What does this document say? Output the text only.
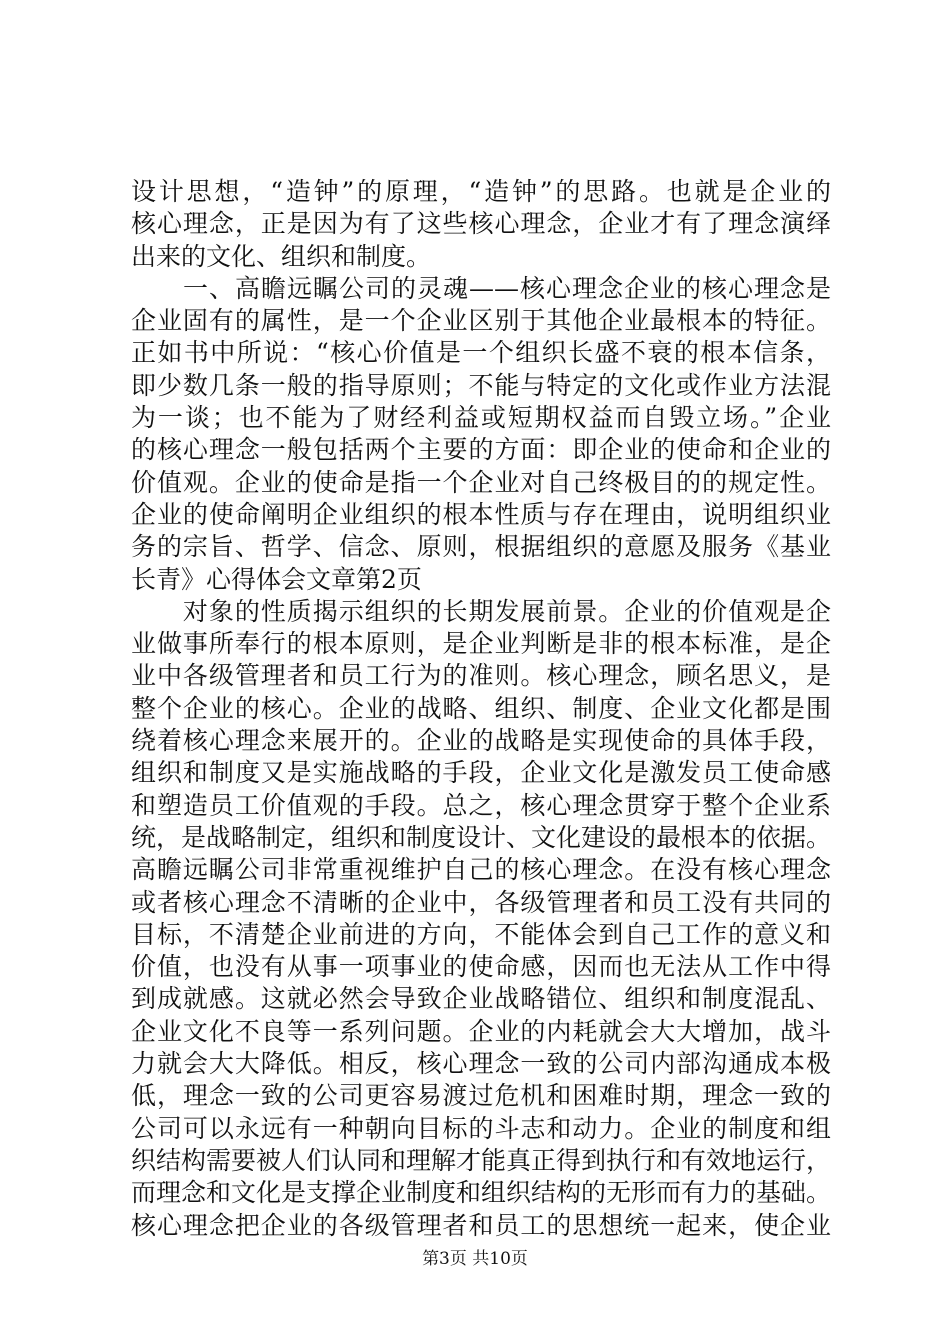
设计思想，“造钟”的原理，“造钟”的思路。也就是企业的
核心理念，正是因为有了这些核心理念，企业才有了理念演绎
出来的文化、组织和制度。
　　一、高瞻远瞩公司的灵魂——核心理念企业的核心理念是
企业固有的属性，是一个企业区别于其他企业最根本的特征。
正如书中所说：“核心价值是一个组织长盛不衰的根本信条，
即少数几条一般的指导原则；不能与特定的文化或作业方法混
为一谈；也不能为了财经利益或短期权益而自毁立场。”企业
的核心理念一般包括两个主要的方面：即企业的使命和企业的
价值观。企业的使命是指一个企业对自己终极目的的规定性。
企业的使命阐明企业组织的根本性质与存在理由，说明组织业
务的宗旨、哲学、信念、原则，根据组织的意愿及服务《基业
长青》心得体会文章第2页
　　对象的性质揭示组织的长期发展前景。企业的价值观是企
业做事所奉行的根本原则，是企业判断是非的根本标准，是企
业中各级管理者和员工行为的准则。核心理念，顾名思义，是
整个企业的核心。企业的战略、组织、制度、企业文化都是围
绕着核心理念来展开的。企业的战略是实现使命的具体手段，
组织和制度又是实施战略的手段，企业文化是激发员工使命感
和塑造员工价值观的手段。总之，核心理念贯穿于整个企业系
统，是战略制定，组织和制度设计、文化建设的最根本的依据。
高瞻远瞩公司非常重视维护自己的核心理念。在没有核心理念
或者核心理念不清晰的企业中，各级管理者和员工没有共同的
目标，不清楚企业前进的方向，不能体会到自己工作的意义和
价值，也没有从事一项事业的使命感，因而也无法从工作中得
到成就感。这就必然会导致企业战略错位、组织和制度混乱、
企业文化不良等一系列问题。企业的内耗就会大大增加，战斗
力就会大大降低。相反，核心理念一致的公司内部沟通成本极
低，理念一致的公司更容易渡过危机和困难时期，理念一致的
公司可以永远有一种朝向目标的斗志和动力。企业的制度和组
织结构需要被人们认同和理解才能真正得到执行和有效地运行，
而理念和文化是支撑企业制度和组织结构的无形而有力的基础。
核心理念把企业的各级管理者和员工的思想统一起来，使企业
第3页 共10页
